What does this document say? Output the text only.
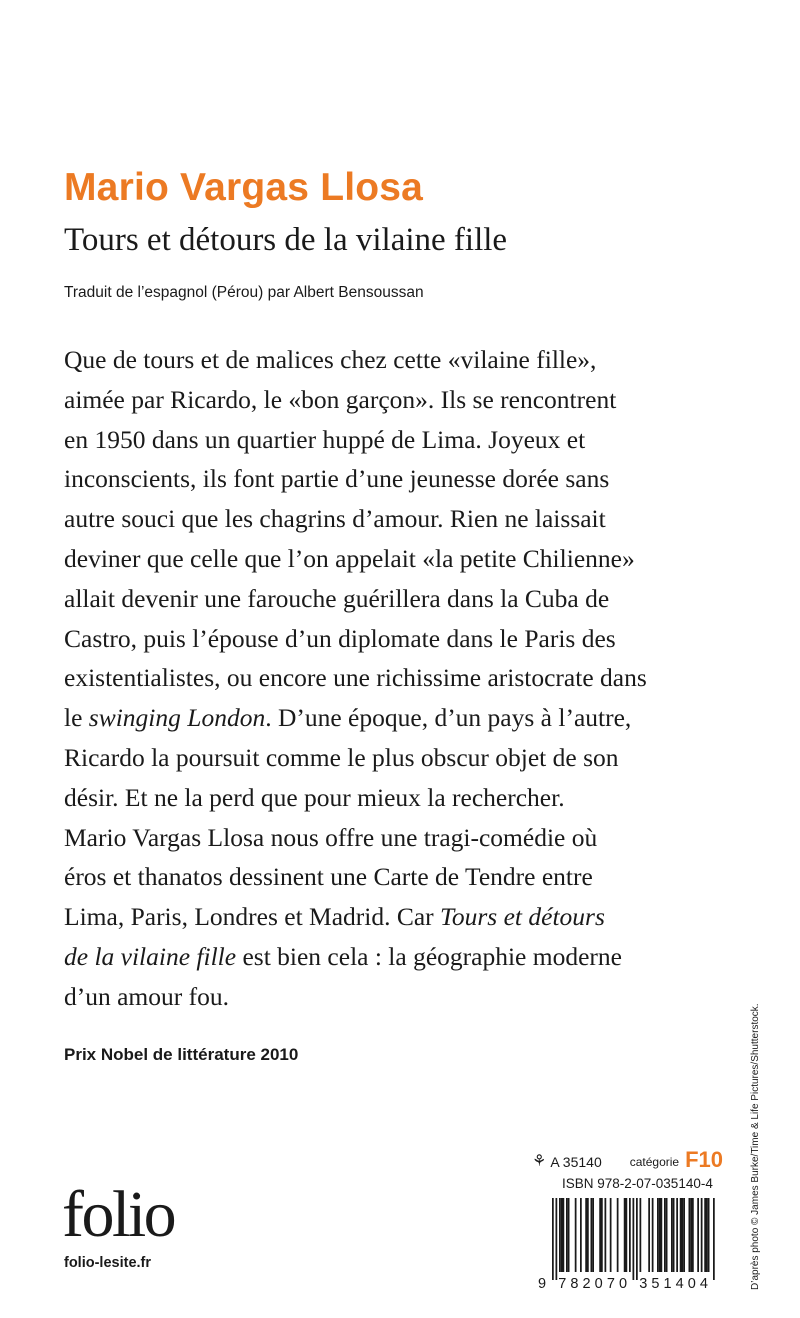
Mario Vargas Llosa
Tours et détours de la vilaine fille
Traduit de l’espagnol (Pérou) par Albert Bensoussan
Que de tours et de malices chez cette «vilaine fille»,
aimée par Ricardo, le «bon garçon». Ils se rencontrent
en 1950 dans un quartier huppé de Lima. Joyeux et
inconscients, ils font partie d’une jeunesse dorée sans
autre souci que les chagrins d’amour. Rien ne laissait
deviner que celle que l’on appelait «la petite Chilienne»
allait devenir une farouche guérillera dans la Cuba de
Castro, puis l’épouse d’un diplomate dans le Paris des
existentialistes, ou encore une richissime aristocrate dans
le swinging London. D’une époque, d’un pays à l’autre,
Ricardo la poursuit comme le plus obscur objet de son
désir. Et ne la perd que pour mieux la rechercher.
Mario Vargas Llosa nous offre une tragi-comédie où
éros et thanatos dessinent une Carte de Tendre entre
Lima, Paris, Londres et Madrid. Car Tours et détours
de la vilaine fille est bien cela : la géographie moderne
d’un amour fou.
Prix Nobel de littérature 2010
⚘ A 35140 catégorie F10
ISBN 978-2-07-035140-4
9 782070 351404
folio
folio-lesite.fr	D’après photo © James Burke/Time & Life Pictures/Shutterstock.
